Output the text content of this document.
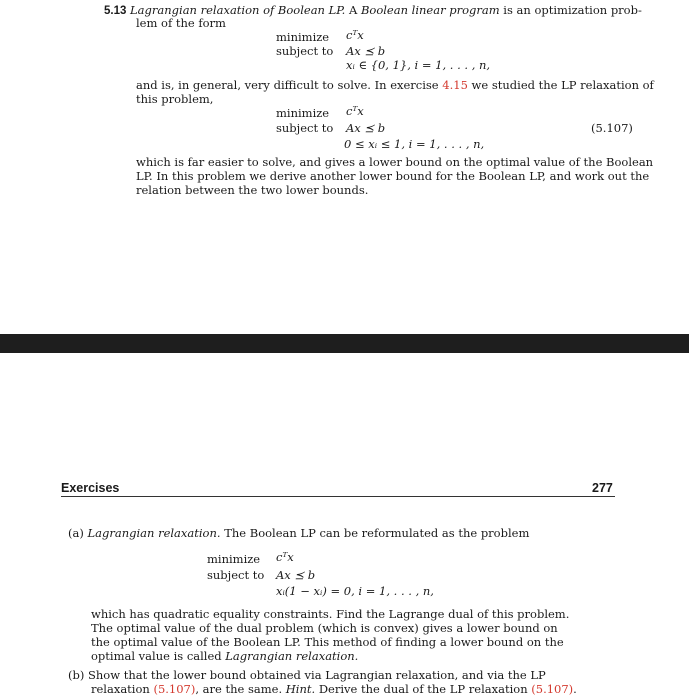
5.13 Lagrangian relaxation of Boolean LP. A Boolean linear program is an optimization prob-
lem of the form
minimize cᵀx
subject to Ax ⪯ b
xᵢ ∈ {0, 1}, i = 1, . . . , n,
and is, in general, very difficult to solve. In exercise 4.15 we studied the LP relaxation of
this problem,
minimize cᵀx
subject to Ax ⪯ b	(5.107)
0 ≤ xᵢ ≤ 1, i = 1, . . . , n,
which is far easier to solve, and gives a lower bound on the optimal value of the Boolean
LP. In this problem we derive another lower bound for the Boolean LP, and work out the
relation between the two lower bounds.
Exercises	277
(a) Lagrangian relaxation. The Boolean LP can be reformulated as the problem
minimize cᵀx
subject to Ax ⪯ b
xᵢ(1 − xᵢ) = 0, i = 1, . . . , n,
which has quadratic equality constraints. Find the Lagrange dual of this problem.
The optimal value of the dual problem (which is convex) gives a lower bound on
the optimal value of the Boolean LP. This method of finding a lower bound on the
optimal value is called Lagrangian relaxation.
(b) Show that the lower bound obtained via Lagrangian relaxation, and via the LP
relaxation (5.107), are the same. Hint. Derive the dual of the LP relaxation (5.107).
